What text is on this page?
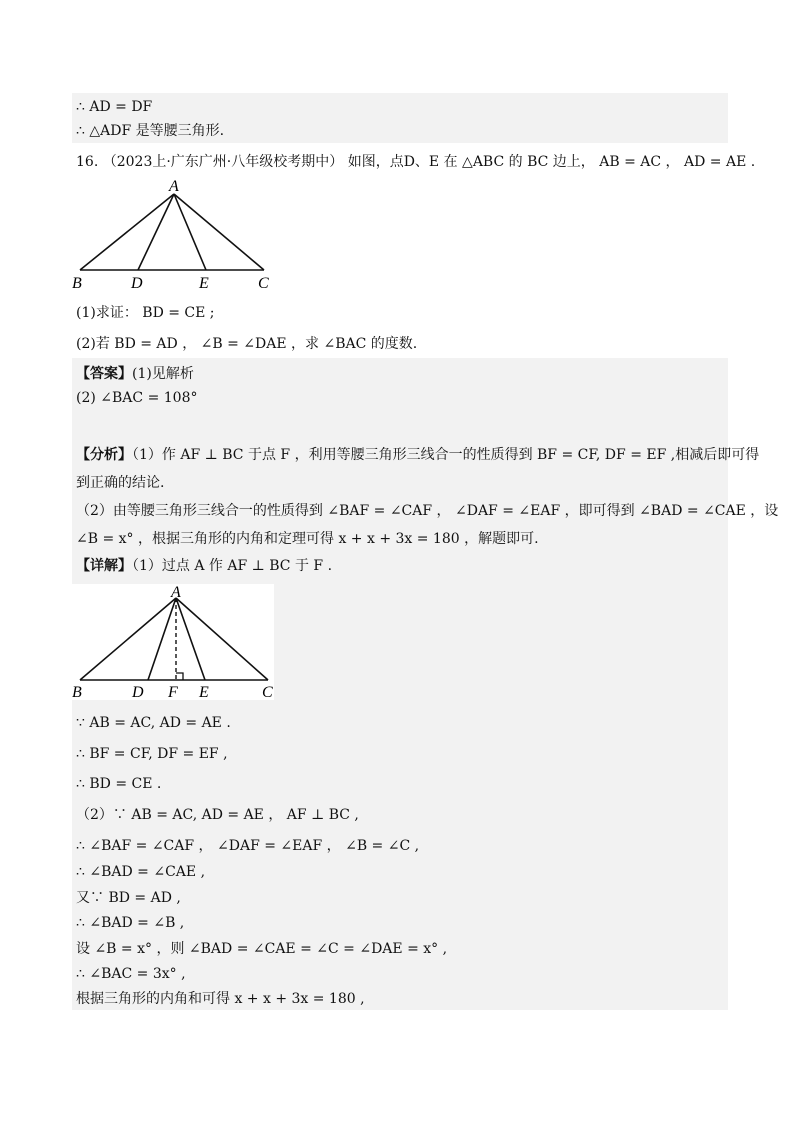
∴ AD = DF
∴ △ADF 是等腰三角形.
16. （2023上·广东广州·八年级校考期中） 如图，点D、E 在 △ABC 的 BC 边上， AB = AC ， AD = AE .
A
B	D	E	C
(1)求证： BD = CE ;
(2)若 BD = AD ， ∠B = ∠DAE ，求 ∠BAC 的度数.
【答案】(1)见解析
(2) ∠BAC = 108°
【分析】（1）作 AF ⊥ BC 于点 F ，利用等腰三角形三线合一的性质得到 BF = CF, DF = EF ,相减后即可得
到正确的结论.
（2）由等腰三角形三线合一的性质得到 ∠BAF = ∠CAF ， ∠DAF = ∠EAF ，即可得到 ∠BAD = ∠CAE ，设
∠B = x° ，根据三角形的内角和定理可得 x + x + 3x = 180 ，解题即可.
【详解】（1）过点 A 作 AF ⊥ BC 于 F .
A
B	D F E	C
∵ AB = AC, AD = AE .
∴ BF = CF, DF = EF ,
∴ BD = CE .
（2）∵ AB = AC, AD = AE ， AF ⊥ BC ,
∴ ∠BAF = ∠CAF ， ∠DAF = ∠EAF ， ∠B = ∠C ,
∴ ∠BAD = ∠CAE ,
又∵ BD = AD ,
∴ ∠BAD = ∠B ,
设 ∠B = x° ，则 ∠BAD = ∠CAE = ∠C = ∠DAE = x° ,
∴ ∠BAC = 3x° ,
根据三角形的内角和可得 x + x + 3x = 180 ,
